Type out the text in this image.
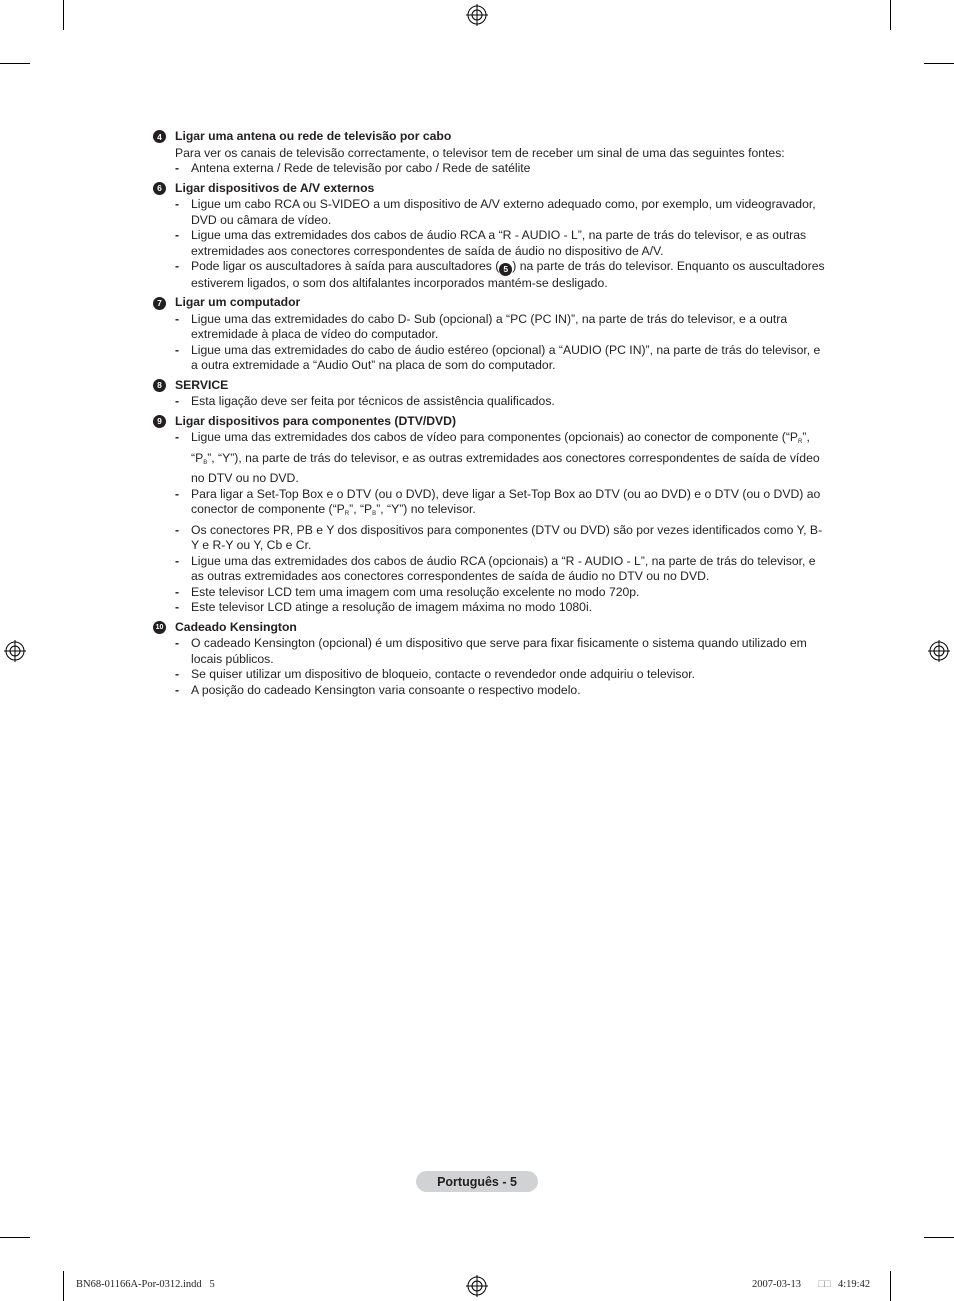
4	Ligar uma antena ou rede de televisão por cabo
Para ver os canais de televisão correctamente, o televisor tem de receber um sinal de uma das seguintes fontes:
- Antena externa / Rede de televisão por cabo / Rede de satélite
6	Ligar dispositivos de A/V externos
- Ligue um cabo RCA ou S-VIDEO a um dispositivo de A/V externo adequado como, por exemplo, um videogravador, DVD ou câmara de vídeo.
- Ligue uma das extremidades dos cabos de áudio RCA a “R - AUDIO - L”, na parte de trás do televisor, e as outras extremidades aos conectores correspondentes de saída de áudio no dispositivo de A/V.
- Pode ligar os auscultadores à saída para auscultadores ( 5 ) na parte de trás do televisor. Enquanto os auscultadores estiverem ligados, o som dos altifalantes incorporados mantém-se desligado.
7	Ligar um computador
- Ligue uma das extremidades do cabo D- Sub (opcional) a “PC (PC IN)”, na parte de trás do televisor, e a outra extremidade à placa de vídeo do computador.
- Ligue uma das extremidades do cabo de áudio estéreo (opcional) a “AUDIO (PC IN)”, na parte de trás do televisor, e a outra extremidade a “Audio Out” na placa de som do computador.
8	SERVICE
- Esta ligação deve ser feita por técnicos de assistência qualificados.
9	Ligar dispositivos para componentes (DTV/DVD)
- Ligue uma das extremidades dos cabos de vídeo para componentes (opcionais) ao conector de componente (“$P_R$”, “$P_B$”, “Y”), na parte de trás do televisor, e as outras extremidades aos conectores correspondentes de saída de vídeo no DTV ou no DVD.
- Para ligar a Set-Top Box e o DTV (ou o DVD), deve ligar a Set-Top Box ao DTV (ou ao DVD) e o DTV (ou o DVD) ao conector de componente (“$P_R$”, “$P_B$”, “Y”) no televisor.
- Os conectores PR, PB e Y dos dispositivos para componentes (DTV ou DVD) são por vezes identificados como Y, B-Y e R-Y ou Y, Cb e Cr.
- Ligue uma das extremidades dos cabos de áudio RCA (opcionais) a “R - AUDIO - L”, na parte de trás do televisor, e as outras extremidades aos conectores correspondentes de saída de áudio no DTV ou no DVD.
- Este televisor LCD tem uma imagem com uma resolução excelente no modo 720p.
- Este televisor LCD atinge a resolução de imagem máxima no modo 1080i.
10 Cadeado Kensington
- O cadeado Kensington (opcional) é um dispositivo que serve para fixar fisicamente o sistema quando utilizado em locais públicos.
- Se quiser utilizar um dispositivo de bloqueio, contacte o revendedor onde adquiriu o televisor.
- A posição do cadeado Kensington varia consoante o respectivo modelo.
Português - 5
BN68-01166A-Por-0312.indd   5	2007-03-13 □□ 4:19:42
